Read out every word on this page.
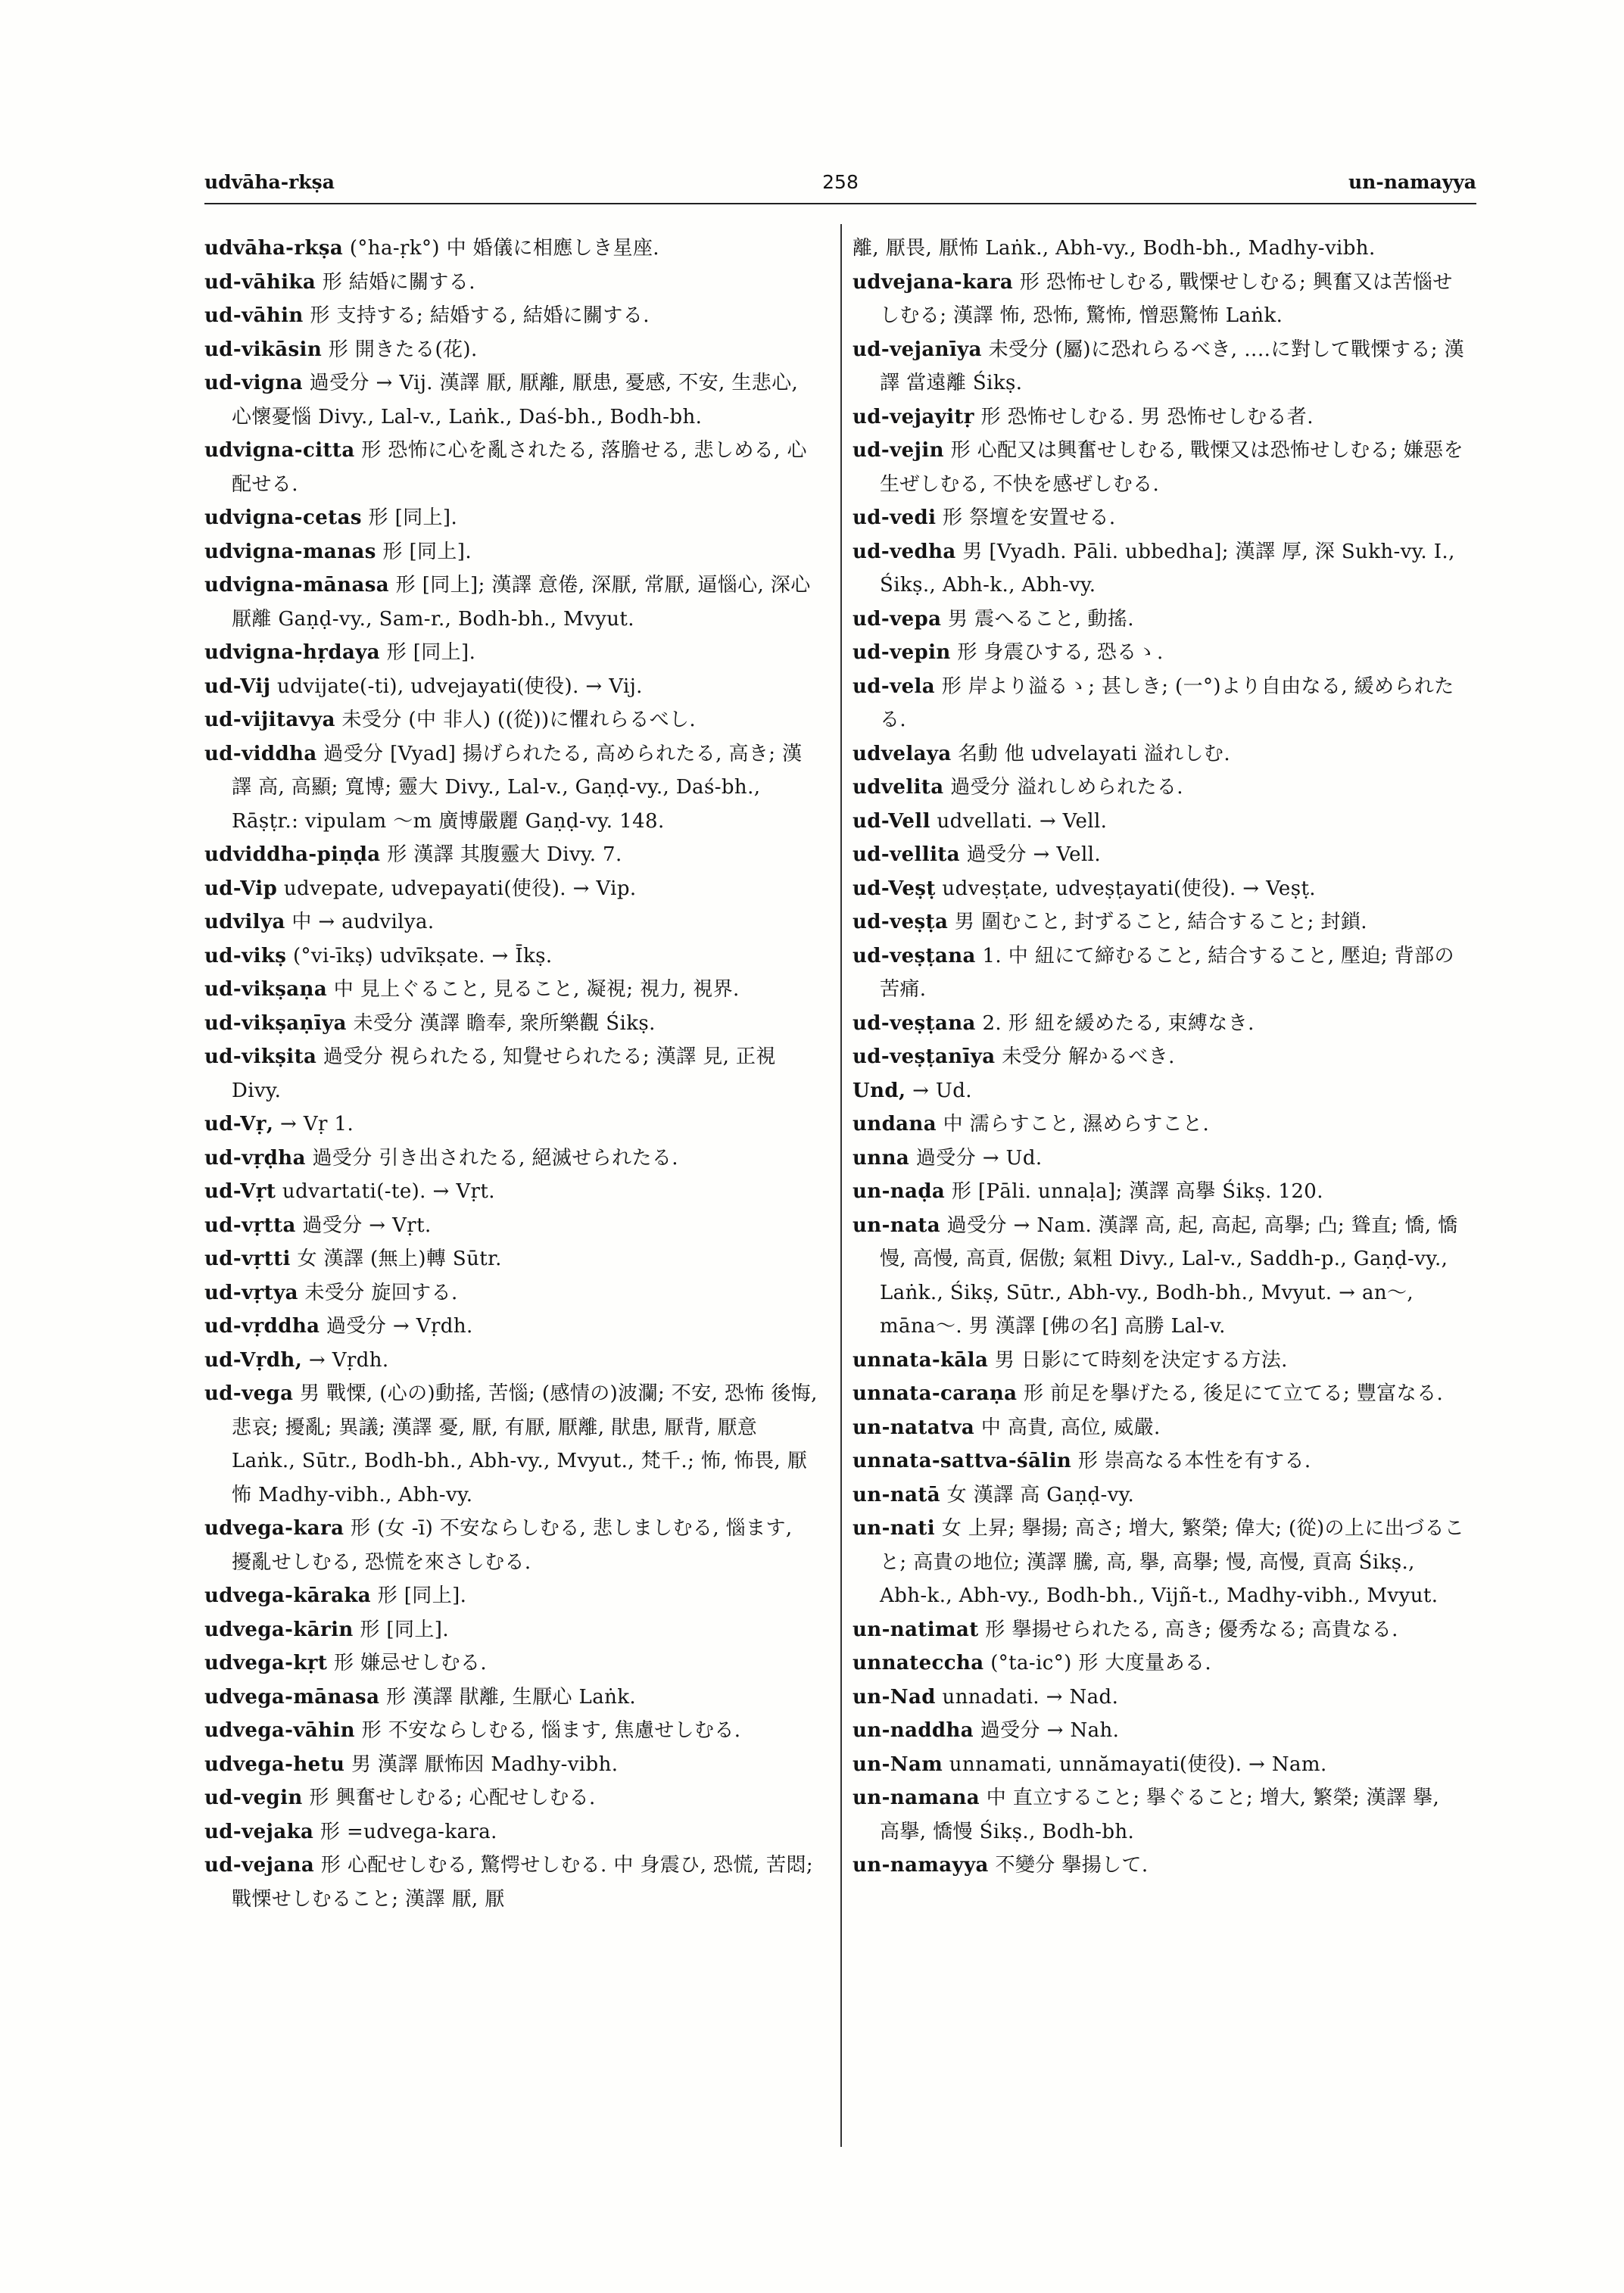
udvāha-rkṣa	258	un-namayya

udvāha-rkṣa (°ha-ṛk°) 中 婚儀に相應しき星座.

ud-vāhika 形 結婚に關する.

ud-vāhin 形 支持する; 結婚する, 結婚に關する.

ud-vikāsin 形 開きたる(花).

ud-vigna 過受分 → Vij. 漢譯 厭, 厭離, 厭患, 憂感, 不安, 生悲心, 心懷憂惱 Divy., Lal-v., Laṅk., Daś-bh., Bodh-bh.

udvigna-citta 形 恐怖に心を亂されたる, 落膽せる, 悲しめる, 心配せる.

udvigna-cetas 形 [同上].

udvigna-manas 形 [同上].

udvigna-mānasa 形 [同上]; 漢譯 意倦, 深厭, 常厭, 逼惱心, 深心厭離 Gaṇḍ-vy., Sam-r., Bodh-bh., Mvyut.

udvigna-hṛdaya 形 [同上].

ud-Vij udvijate(-ti), udvejayati(使役). → Vij.

ud-vijitavya 未受分 (中 非人) ((從))に懼れらるべし.

ud-viddha 過受分 [Vyad] 揚げられたる, 高められたる, 高き; 漢譯 高, 高顯; 寬博; 靈大 Divy., Lal-v., Gaṇḍ-vy., Daś-bh., Rāṣṭr.: vipulam ～m 廣博嚴麗 Gaṇḍ-vy. 148.

udviddha-piṇḍa 形 漢譯 其腹靈大 Divy. 7.

ud-Vip udvepate, udvepayati(使役). → Vip.

udvilya 中 → audvilya.

ud-vikṣ (°vi-īkṣ) udvīkṣate. → Īkṣ.

ud-vikṣaṇa 中 見上ぐること, 見ること, 凝視; 視力, 視界.

ud-vikṣaṇīya 未受分 漢譯 瞻奉, 衆所樂觀 Śikṣ.

ud-vikṣita 過受分 視られたる, 知覺せられたる; 漢譯 見, 正視 Divy.

ud-Vṛ, → Vṛ 1.

ud-vṛḍha 過受分 引き出されたる, 絕滅せられたる.

ud-Vṛt udvartati(-te). → Vṛt.

ud-vṛtta 過受分 → Vṛt.

ud-vṛtti 女 漢譯 (無上)轉 Sūtr.

ud-vṛtya 未受分 旋回する.

ud-vṛddha 過受分 → Vṛdh.

ud-Vṛdh, → Vṛdh.

ud-vega 男 戰慄, (心の)動搖, 苦惱; (感情の)波瀾; 不安, 恐怖 後悔, 悲哀; 擾亂; 異議; 漢譯 憂, 厭, 有厭, 厭離, 猒患, 厭背, 厭意 Laṅk., Sūtr., Bodh-bh., Abh-vy., Mvyut., 梵千.; 怖, 怖畏, 厭怖 Madhy-vibh., Abh-vy.

udvega-kara 形 (女 -ī) 不安ならしむる, 悲しましむる, 惱ます, 擾亂せしむる, 恐慌を來さしむる.

udvega-kāraka 形 [同上].

udvega-kārin 形 [同上].

udvega-kṛt 形 嫌忌せしむる.

udvega-mānasa 形 漢譯 猒離, 生厭心 Laṅk.

udvega-vāhin 形 不安ならしむる, 惱ます, 焦慮せしむる.

udvega-hetu 男 漢譯 厭怖因 Madhy-vibh.

ud-vegin 形 興奮せしむる; 心配せしむる.

ud-vejaka 形 =udvega-kara.

ud-vejana 形 心配せしむる, 驚愕せしむる. 中 身震ひ, 恐慌, 苦悶; 戰慄せしむること; 漢譯 厭, 厭

離, 厭畏, 厭怖 Laṅk., Abh-vy., Bodh-bh., Madhy-vibh.

udvejana-kara 形 恐怖せしむる, 戰慄せしむる; 興奮又は苦惱せしむる; 漢譯 怖, 恐怖, 驚怖, 憎惡驚怖 Laṅk.

ud-vejanīya 未受分 (屬)に恐れらるべき, ‥‥に對して戰慄する; 漢譯 當遠離 Śikṣ.

ud-vejayitṛ 形 恐怖せしむる. 男 恐怖せしむる者.

ud-vejin 形 心配又は興奮せしむる, 戰慄又は恐怖せしむる; 嫌惡を生ぜしむる, 不快を感ぜしむる.

ud-vedi 形 祭壇を安置せる.

ud-vedha 男 [Vyadh. Pāli. ubbedha]; 漢譯 厚, 深 Sukh-vy. I., Śikṣ., Abh-k., Abh-vy.

ud-vepa 男 震へること, 動搖.

ud-vepin 形 身震ひする, 恐るゝ.

ud-vela 形 岸より溢るゝ; 甚しき; (一°)より自由なる, 緩められたる.

udvelaya 名動 他 udvelayati 溢れしむ.

udvelita 過受分 溢れしめられたる.

ud-Vell udvellati. → Vell.

ud-vellita 過受分 → Vell.

ud-Veṣṭ udveṣṭate, udveṣṭayati(使役). → Veṣṭ.

ud-veṣṭa 男 圍むこと, 封ずること, 結合すること; 封鎖.

ud-veṣṭana 1. 中 紐にて締むること, 結合すること, 壓迫; 背部の苦痛.

ud-veṣṭana 2. 形 紐を緩めたる, 束縛なき.

ud-veṣṭanīya 未受分 解かるべき.

Und, → Ud.

undana 中 濡らすこと, 濕めらすこと.

unna 過受分 → Ud.

un-naḍa 形 [Pāli. unnaḷa]; 漢譯 高擧 Śikṣ. 120.

un-nata 過受分 → Nam. 漢譯 高, 起, 高起, 高擧; 凸; 聳直; 憍, 憍慢, 高慢, 高貢, 倨傲; 氣粗 Divy., Lal-v., Saddh-p., Gaṇḍ-vy., Laṅk., Śikṣ, Sūtr., Abh-vy., Bodh-bh., Mvyut. → an～, māna～. 男 漢譯 [佛の名] 高勝 Lal-v.

unnata-kāla 男 日影にて時刻を決定する方法.

unnata-caraṇa 形 前足を擧げたる, 後足にて立てる; 豐富なる.

un-natatva 中 高貴, 高位, 威嚴.

unnata-sattva-śālin 形 崇高なる本性を有する.

un-natā 女 漢譯 高 Gaṇḍ-vy.

un-nati 女 上昇; 擧揚; 高さ; 增大, 繁榮; 偉大; (從)の上に出づること; 高貴の地位; 漢譯 騰, 高, 擧, 高擧; 慢, 高慢, 貢高 Śikṣ., Abh-k., Abh-vy., Bodh-bh., Vijñ-t., Madhy-vibh., Mvyut.

un-natimat 形 擧揚せられたる, 高き; 優秀なる; 高貴なる.

unnateccha (°ta-ic°) 形 大度量ある.

un-Nad unnadati. → Nad.

un-naddha 過受分 → Nah.

un-Nam unnamati, unnămayati(使役). → Nam.

un-namana 中 直立すること; 擧ぐること; 增大, 繁榮; 漢譯 擧, 高擧, 憍慢 Śikṣ., Bodh-bh.

un-namayya 不變分 擧揚して.
